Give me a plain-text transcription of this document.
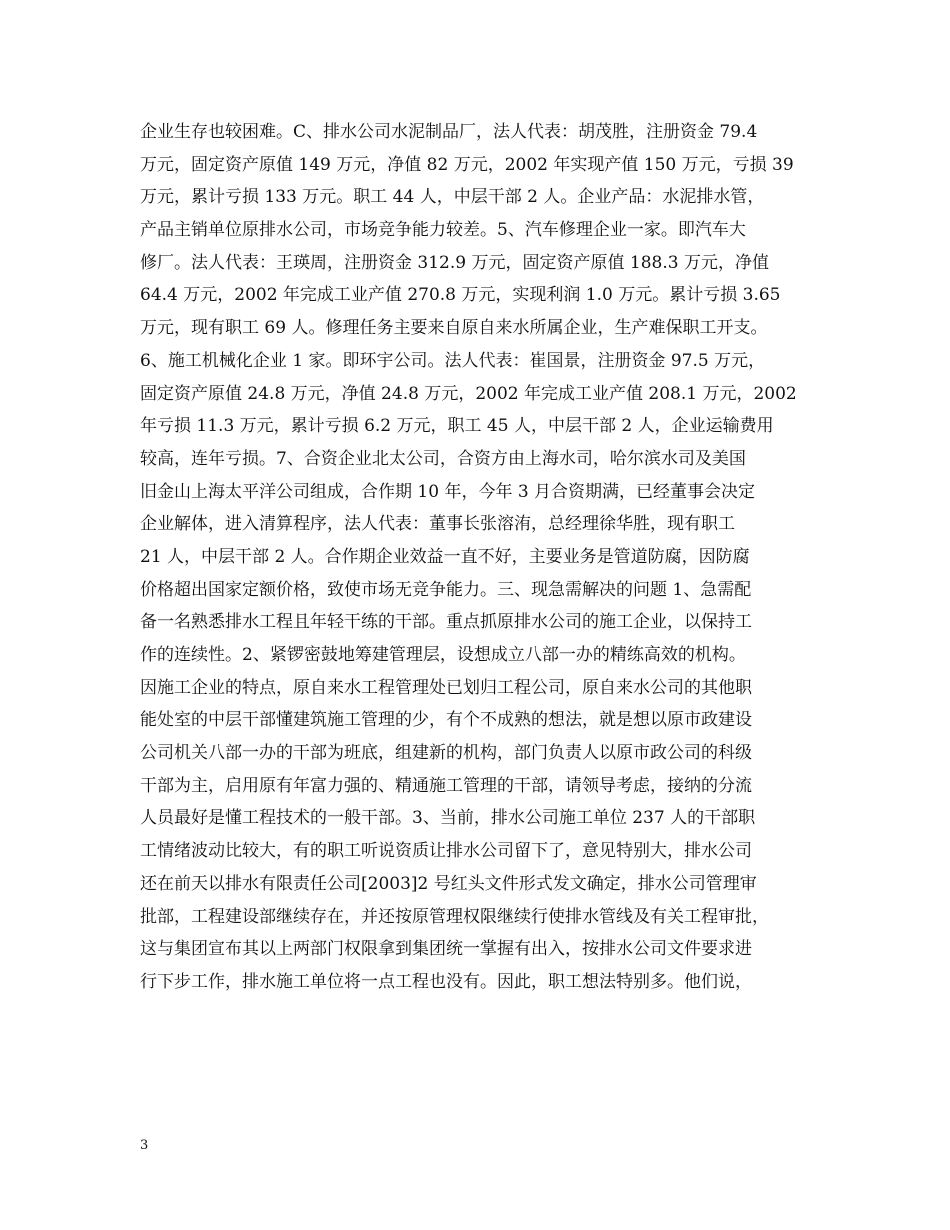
企业生存也较困难。C、排水公司水泥制品厂，法人代表：胡茂胜，注册资金 79.4
万元，固定资产原值 149 万元，净值 82 万元，2002 年实现产值 150 万元，亏损 39
万元，累计亏损 133 万元。职工 44 人，中层干部 2 人。企业产品：水泥排水管，
产品主销单位原排水公司，市场竞争能力较差。5、汽车修理企业一家。即汽车大
修厂。法人代表：王瑛周，注册资金 312.9 万元，固定资产原值 188.3 万元，净值
64.4 万元，2002 年完成工业产值 270.8 万元，实现利润 1.0 万元。累计亏损 3.65
万元，现有职工 69 人。修理任务主要来自原自来水所属企业，生产难保职工开支。
6、施工机械化企业 1 家。即环宇公司。法人代表：崔国景，注册资金 97.5 万元，
固定资产原值 24.8 万元，净值 24.8 万元，2002 年完成工业产值 208.1 万元，2002
年亏损 11.3 万元，累计亏损 6.2 万元，职工 45 人，中层干部 2 人，企业运输费用
较高，连年亏损。7、合资企业北太公司，合资方由上海水司，哈尔滨水司及美国
旧金山上海太平洋公司组成，合作期 10 年，今年 3 月合资期满，已经董事会决定
企业解体，进入清算程序，法人代表：董事长张溶洧，总经理徐华胜，现有职工
21 人，中层干部 2 人。合作期企业效益一直不好，主要业务是管道防腐，因防腐
价格超出国家定额价格，致使市场无竞争能力。三、现急需解决的问题 1、急需配
备一名熟悉排水工程且年轻干练的干部。重点抓原排水公司的施工企业，以保持工
作的连续性。2、紧锣密鼓地筹建管理层，设想成立八部一办的精练高效的机构。
因施工企业的特点，原自来水工程管理处已划归工程公司，原自来水公司的其他职
能处室的中层干部懂建筑施工管理的少，有个不成熟的想法，就是想以原市政建设
公司机关八部一办的干部为班底，组建新的机构，部门负责人以原市政公司的科级
干部为主，启用原有年富力强的、精通施工管理的干部，请领导考虑，接纳的分流
人员最好是懂工程技术的一般干部。3、当前，排水公司施工单位 237 人的干部职
工情绪波动比较大，有的职工听说资质让排水公司留下了，意见特别大，排水公司
还在前天以排水有限责任公司[2003]2 号红头文件形式发文确定，排水公司管理审
批部，工程建设部继续存在，并还按原管理权限继续行使排水管线及有关工程审批，
这与集团宣布其以上两部门权限拿到集团统一掌握有出入，按排水公司文件要求进
行下步工作，排水施工单位将一点工程也没有。因此，职工想法特别多。他们说，
3
